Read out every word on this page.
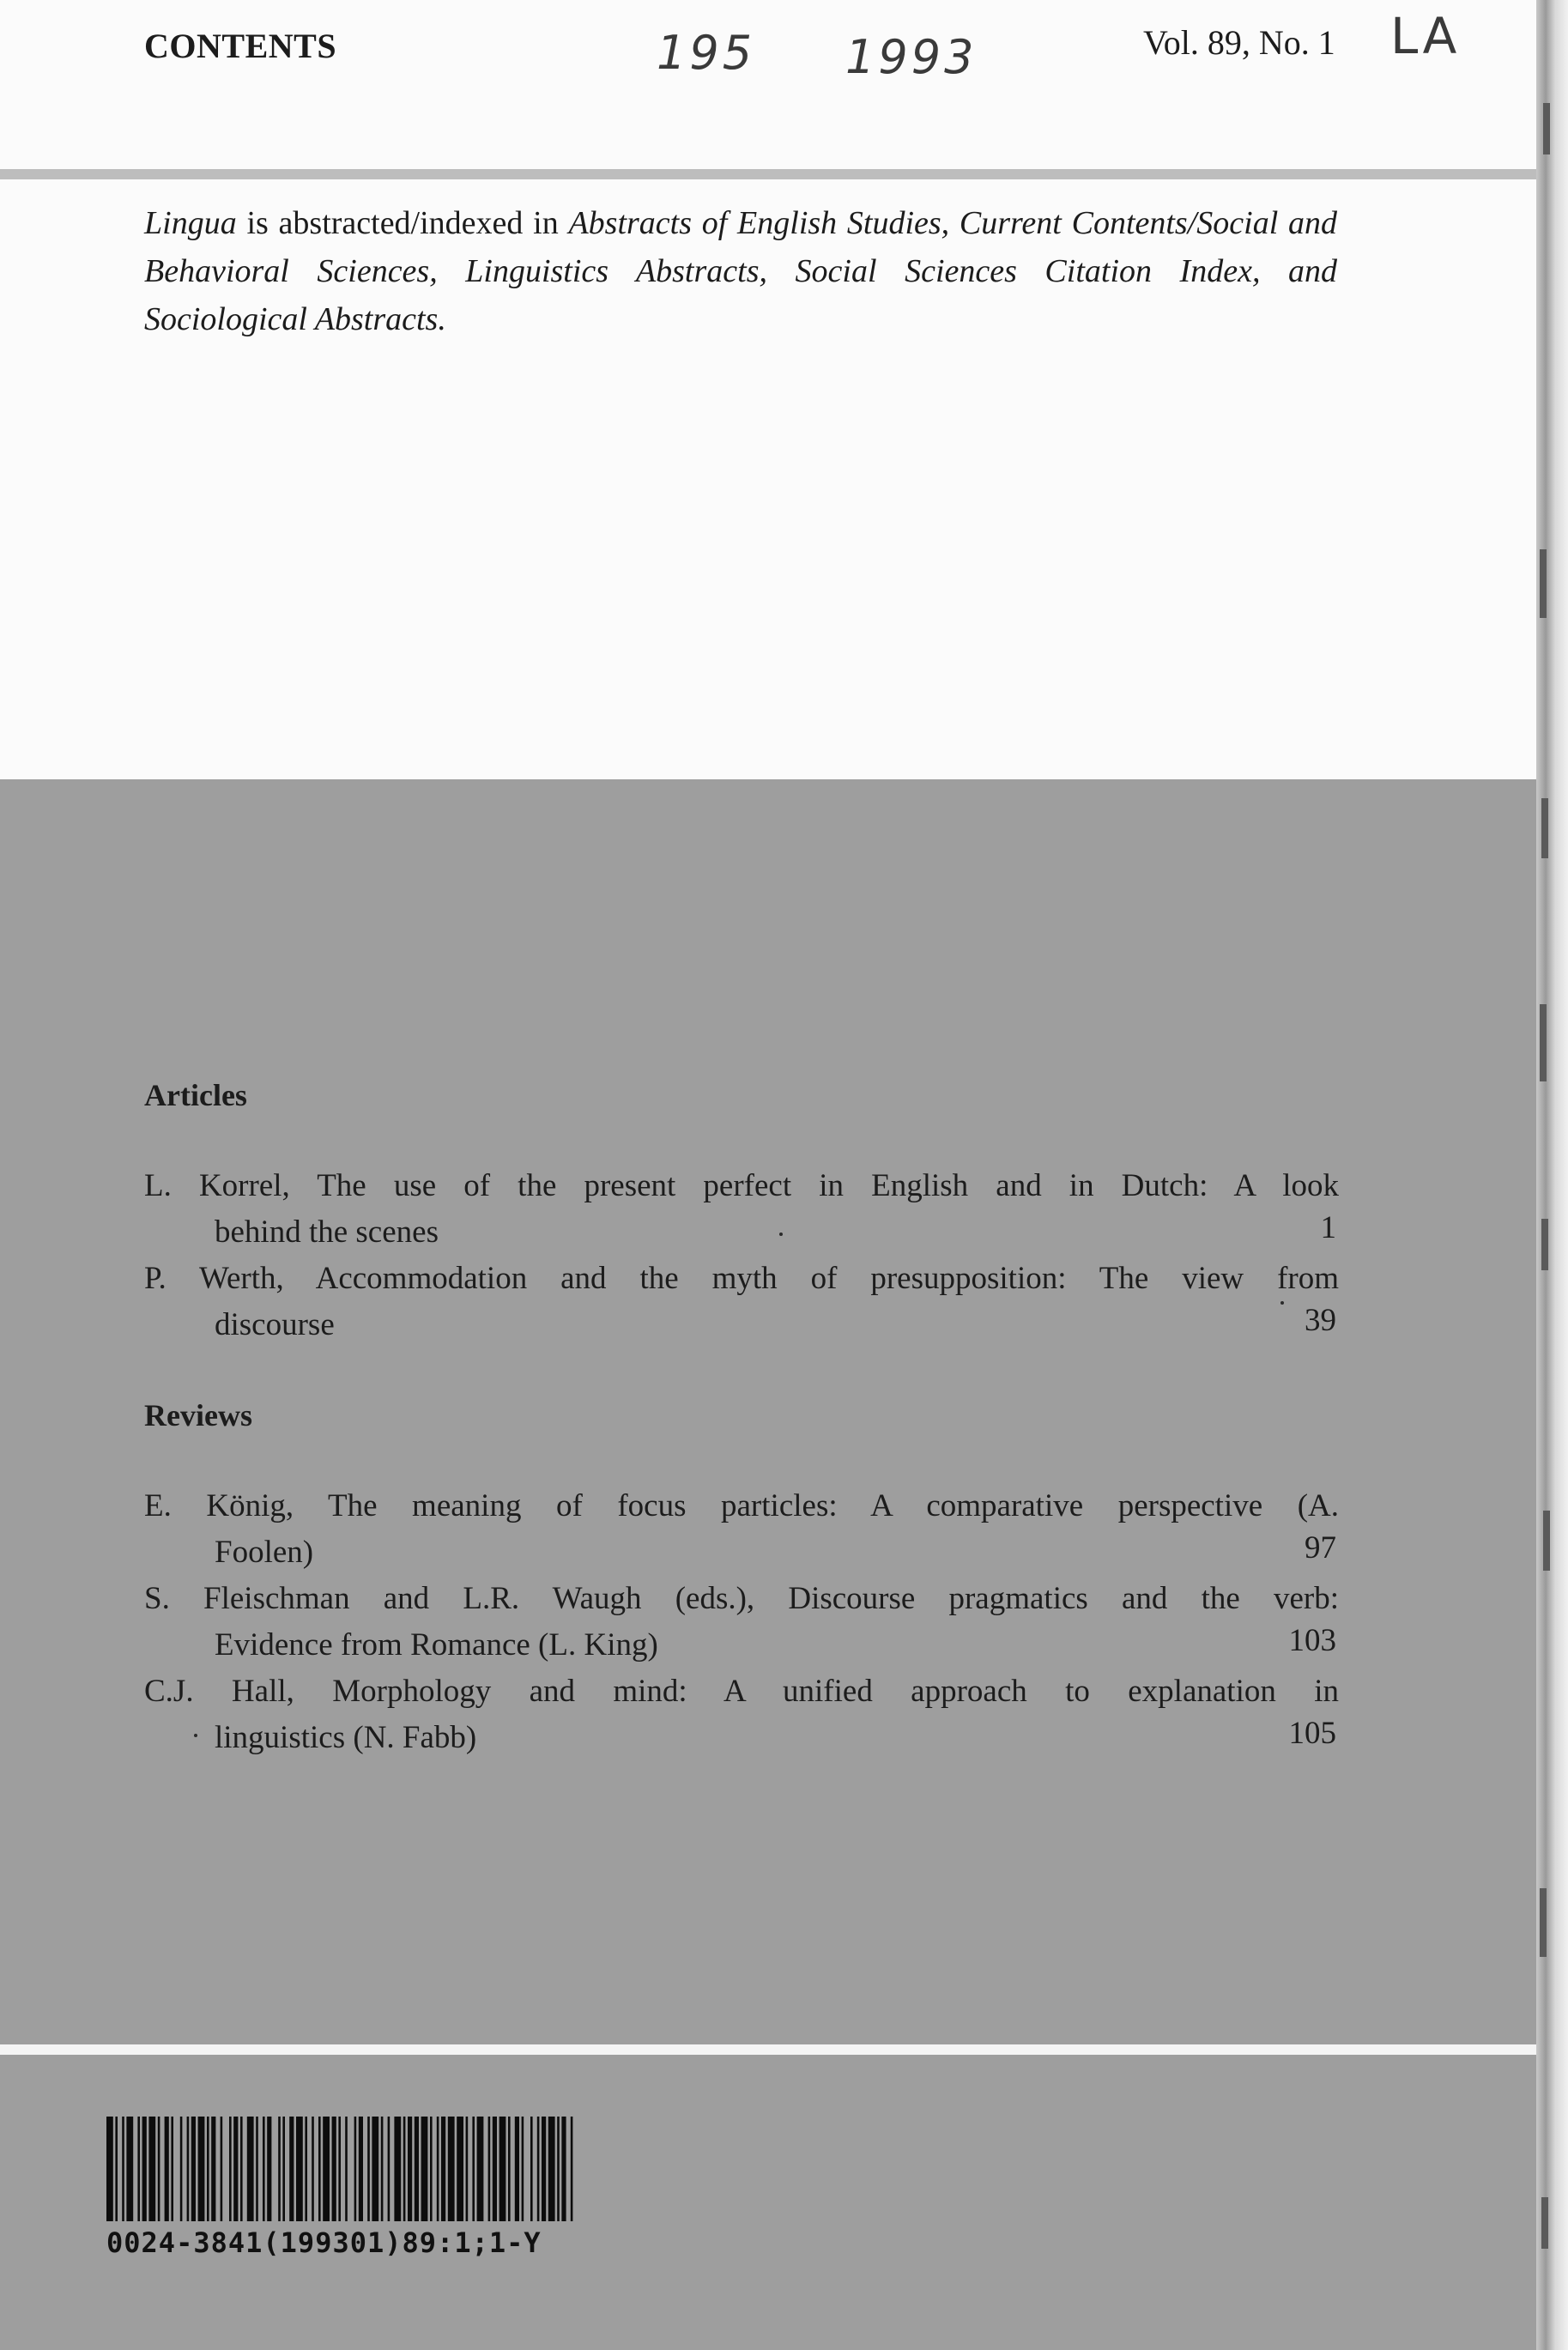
CONTENTS	Vol. 89, No. 1
195 1993	LA
Lingua is abstracted/indexed in Abstracts of English Studies, Current Contents/Social and Behavioral Sciences, Linguistics Abstracts, Social Sciences Citation Index, and Sociological Abstracts.
Articles
L. Korrel, The use of the present perfect in English and in Dutch: A look
behind the scenes	1
P. Werth, Accommodation and the myth of presupposition: The view from
discourse	39
Reviews
E. König, The meaning of focus particles: A comparative perspective (A.
Foolen)	97
S. Fleischman and L.R. Waugh (eds.), Discourse pragmatics and the verb:
Evidence from Romance (L. King)	103
C.J. Hall, Morphology and mind: A unified approach to explanation in
linguistics (N. Fabb)	105
0024-3841(199301)89:1;1-Y
